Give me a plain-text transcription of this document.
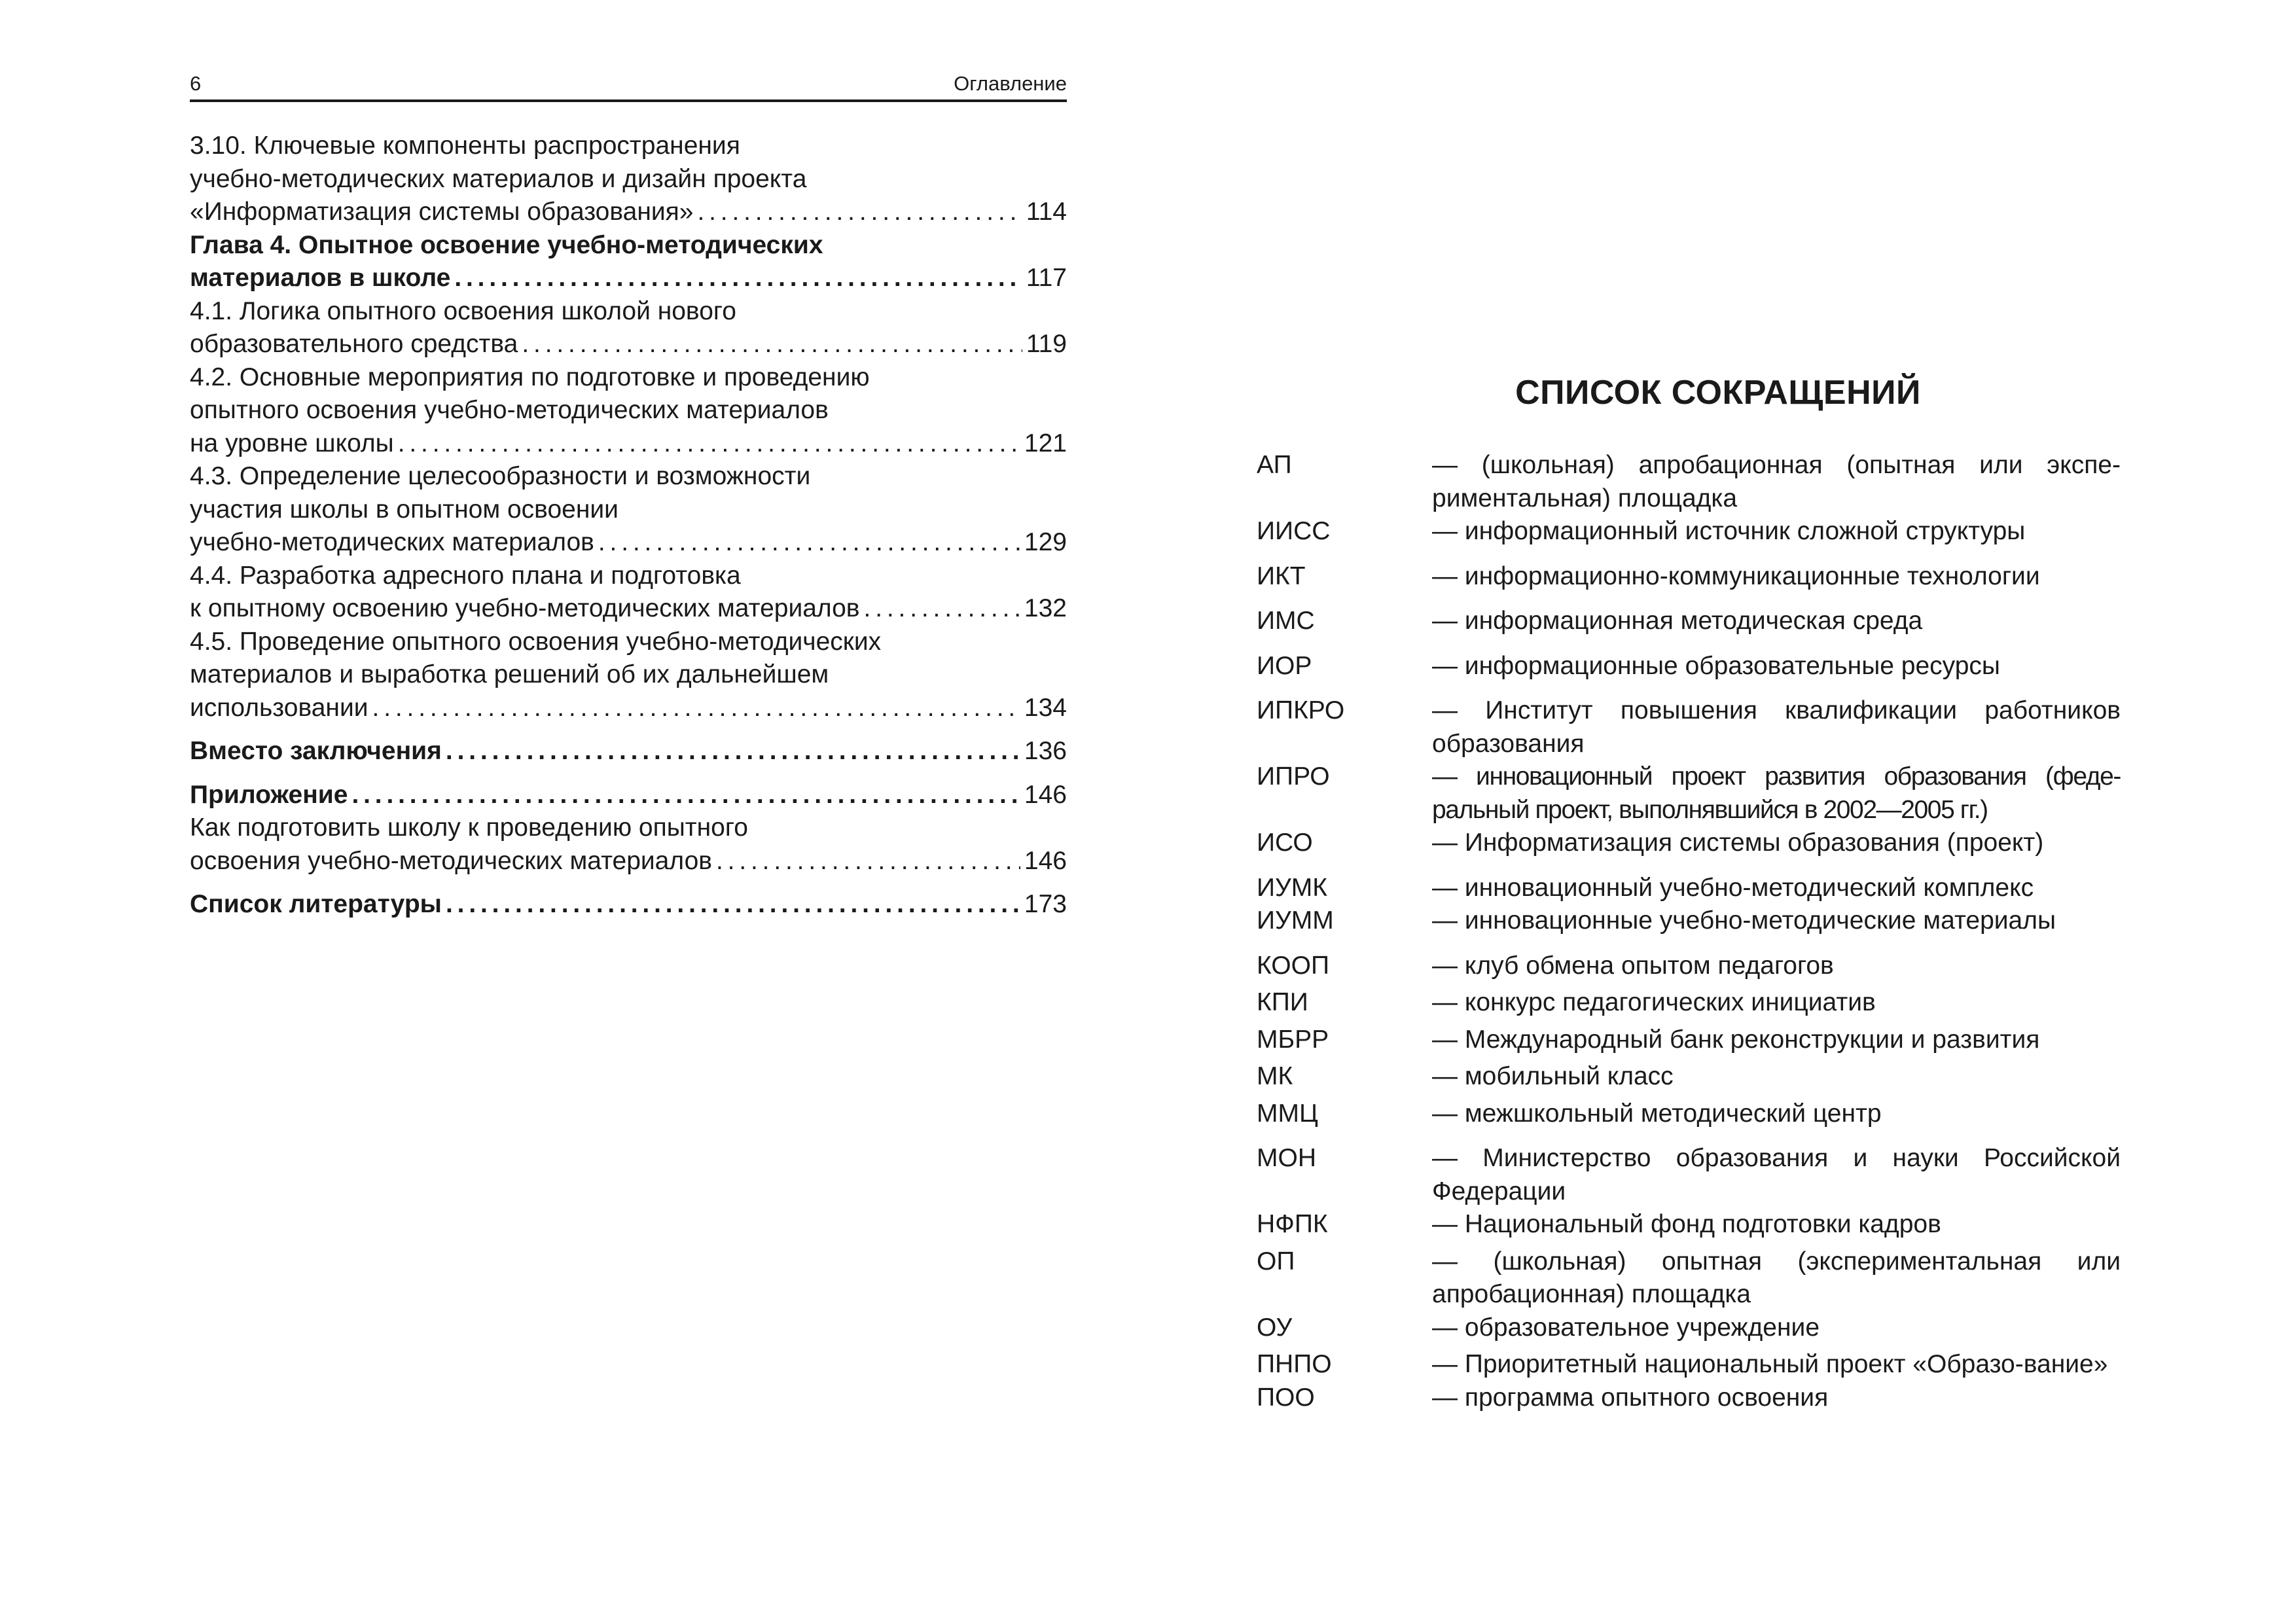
6	Оглавление
3.10. Ключевые компоненты распространения
учебно-методических материалов и дизайн проекта
«Информатизация системы образования» . . .	114
Глава 4. Опытное освоение учебно-методических
материалов в школе . . .	117
4.1. Логика опытного освоения школой нового
образовательного средства . . .	119
4.2. Основные мероприятия по подготовке и проведению
опытного освоения учебно-методических материалов
на уровне школы . . .	121
4.3. Определение целесообразности и возможности
участия школы в опытном освоении
учебно-методических материалов . . .	129
4.4. Разработка адресного плана и подготовка
к опытному освоению учебно-методических материалов . . .	132
4.5. Проведение опытного освоения учебно-методических
материалов и выработка решений об их дальнейшем
использовании . . .	134
Вместо заключения . . .	136
Приложение . . .	146
Как подготовить школу к проведению опытного
освоения учебно-методических материалов . . .	146
Список литературы . . .	173
СПИСОК СОКРАЩЕНИЙ
АП	— (школьная) апробационная (опытная или экспе-риментальная) площадка
ИИСС	— информационный источник сложной структуры
ИКТ	— информационно-коммуникационные технологии
ИМС	— информационная методическая среда
ИОР	— информационные образовательные ресурсы
ИПКРО	— Институт повышения квалификации работников образования
ИПРО	— инновационный проект развития образования (феде-ральный проект, выполнявшийся в 2002—2005 гг.)
ИСО	— Информатизация системы образования (проект)
ИУМК	— инновационный учебно-методический комплекс
ИУММ	— инновационные учебно-методические материалы
КООП	— клуб обмена опытом педагогов
КПИ	— конкурс педагогических инициатив
МБРР	— Международный банк реконструкции и развития
МК	— мобильный класс
ММЦ	— межшкольный методический центр
МОН	— Министерство образования и науки Российской Федерации
НФПК	— Национальный фонд подготовки кадров
ОП	— (школьная) опытная (экспериментальная или апробационная) площадка
ОУ	— образовательное учреждение
ПНПО	— Приоритетный национальный проект «Образо-вание»
ПОО	— программа опытного освоения
